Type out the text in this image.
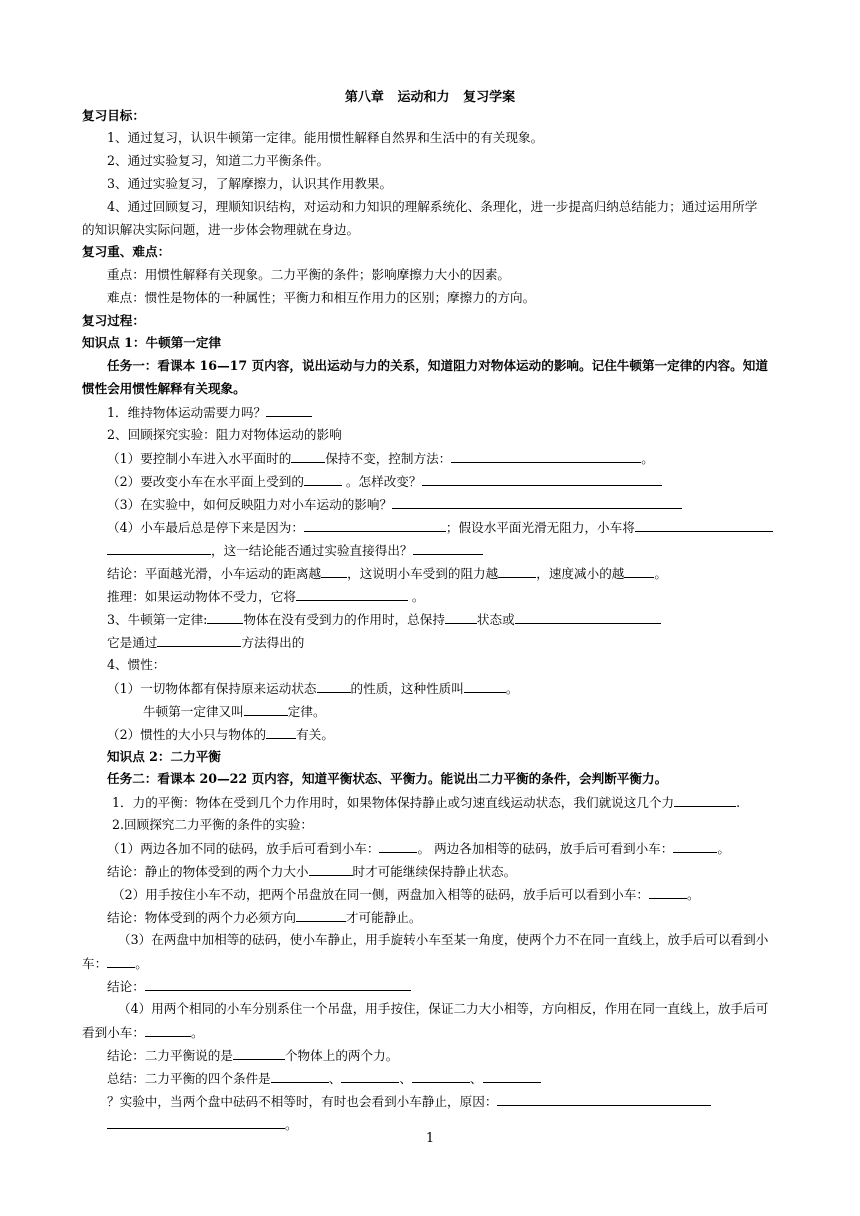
第八章   运动和力   复习学案
复习目标：
1、通过复习，认识牛顿第一定律。能用惯性解释自然界和生活中的有关现象。
2、通过实验复习，知道二力平衡条件。
3、通过实验复习，了解摩擦力，认识其作用教果。
4、通过回顾复习，理顺知识结构，对运动和力知识的理解系统化、条理化，进一步提高归纳总结能力；通过运用所学
的知识解决实际问题，进一步体会物理就在身边。
复习重、难点：
重点：用惯性解释有关现象。二力平衡的条件；影响摩擦力大小的因素。
难点：惯性是物体的一种属性；平衡力和相互作用力的区别；摩擦力的方向。
复习过程：
知识点 1：牛顿第一定律
任务一：看课本 16—17 页内容，说出运动与力的关系，知道阻力对物体运动的影响。记住牛顿第一定律的内容。知道
惯性会用惯性解释有关现象。
1．维持物体运动需要力吗？
2、回顾探究实验：阻力对物体运动的影响
（1）要控制小车进入水平面时的	保持不变，控制方法：	。
（2）要改变小车在水平面上受到的	。怎样改变？
（3）在实验中，如何反映阻力对小车运动的影响？
（4）小车最后总是停下来是因为：	；假设水平面光滑无阻力，小车将
，这一结论能否通过实验直接得出？
结论：平面越光滑，小车运动的距离越 ，这说明小车受到的阻力越	，速度减小的越 。
推理：如果运动物体不受力，它将	。
3、牛顿第一定律:	物体在没有受到力的作用时，总保持	状态或
它是通过	方法得出的
4、惯性：
（1）一切物体都有保持原来运动状态	的性质，这种性质叫	。
牛顿第一定律又叫	定律。
（2）惯性的大小只与物体的 有关。
知识点 2：二力平衡
任务二：看课本 20—22 页内容，知道平衡状态、平衡力。能说出二力平衡的条件，会判断平衡力。
1．力的平衡：物体在受到几个力作用时，如果物体保持静止或匀速直线运动状态，我们就说这几个力	.
2.回顾探究二力平衡的条件的实验：
（1）两边各加不同的砝码，放手后可看到小车：	。 两边各加相等的砝码，放手后可看到小车：	。
结论：静止的物体受到的两个力大小	时才可能继续保持静止状态。
（2）用手按住小车不动，把两个吊盘放在同一侧，两盘加入相等的砝码，放手后可以看到小车：	。
结论：物体受到的两个力必须方向	才可能静止。
（3）在两盘中加相等的砝码，使小车静止，用手旋转小车至某一角度，使两个力不在同一直线上，放手后可以看到小
车： 。
结论：
（4）用两个相同的小车分别系住一个吊盘，用手按住，保证二力大小相等，方向相反，作用在同一直线上，放手后可
看到小车：	。
结论：二力平衡说的是	个物体上的两个力。
总结：二力平衡的四个条件是	、	、	、
？实验中，当两个盘中砝码不相等时，有时也会看到小车静止，原因：
。
1
